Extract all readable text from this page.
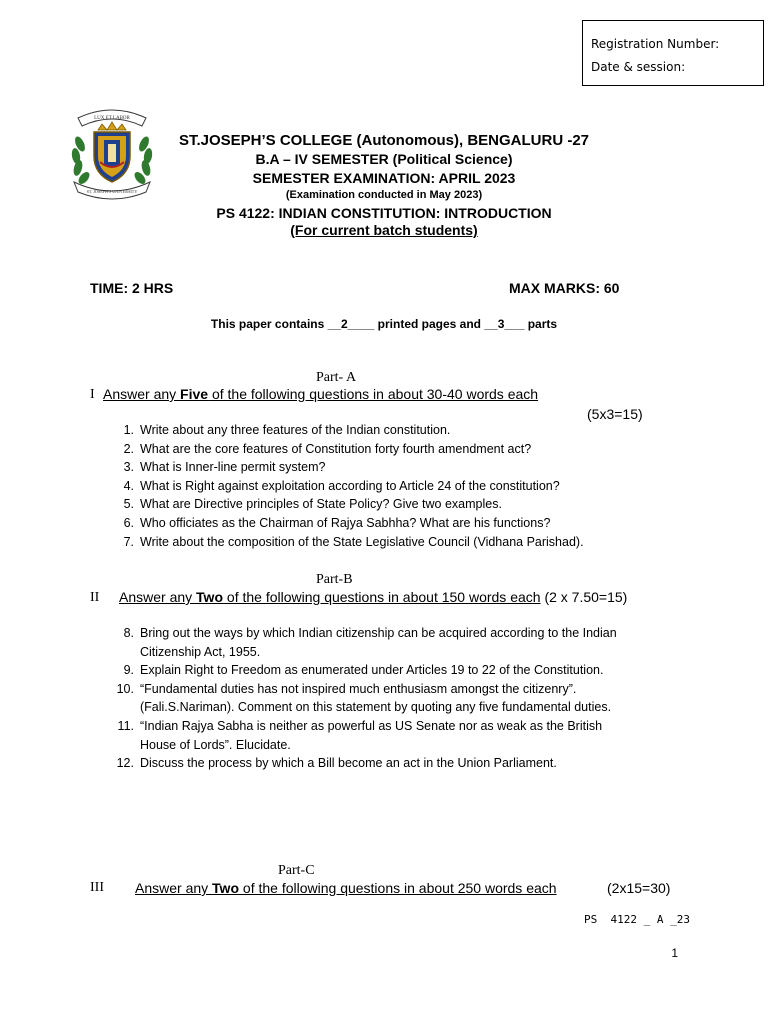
Registration Number:
Date & session:
LUX ET LABOR
ST. JOSEPH'S UNIVERSITY
ST.JOSEPH’S COLLEGE (Autonomous), BENGALURU -27
B.A – IV SEMESTER (Political Science)
SEMESTER EXAMINATION: APRIL 2023
(Examination conducted in May 2023)
PS 4122: INDIAN CONSTITUTION: INTRODUCTION
(For current batch students)
TIME: 2 HRS	MAX MARKS: 60
This paper contains __2____ printed pages and __3___ parts
Part- A
I Answer any Five of the following questions in about 30-40 words each
(5x3=15)
1. Write about any three features of the Indian constitution.
2. What are the core features of Constitution forty fourth amendment act?
3. What is Inner-line permit system?
4. What is Right against exploitation according to Article 24 of the constitution?
5. What are Directive principles of State Policy? Give two examples.
6. Who officiates as the Chairman of Rajya Sabhha? What are his functions?
7. Write about the composition of the State Legislative Council (Vidhana Parishad).
Part-B
II Answer any Two of the following questions in about 150 words each (2 x 7.50=15)
8. Bring out the ways by which Indian citizenship can be acquired according to the Indian
Citizenship Act, 1955.
9. Explain Right to Freedom as enumerated under Articles 19 to 22 of the Constitution.
10. “Fundamental duties has not inspired much enthusiasm amongst the citizenry”.
(Fali.S.Nariman). Comment on this statement by quoting any five fundamental duties.
11. “Indian Rajya Sabha is neither as powerful as US Senate nor as weak as the British
House of Lords”. Elucidate.
12. Discuss the process by which a Bill become an act in the Union Parliament.
Part-C
III Answer any Two of the following questions in about 250 words each	(2x15=30)
PS  4122 _ A _23
1
